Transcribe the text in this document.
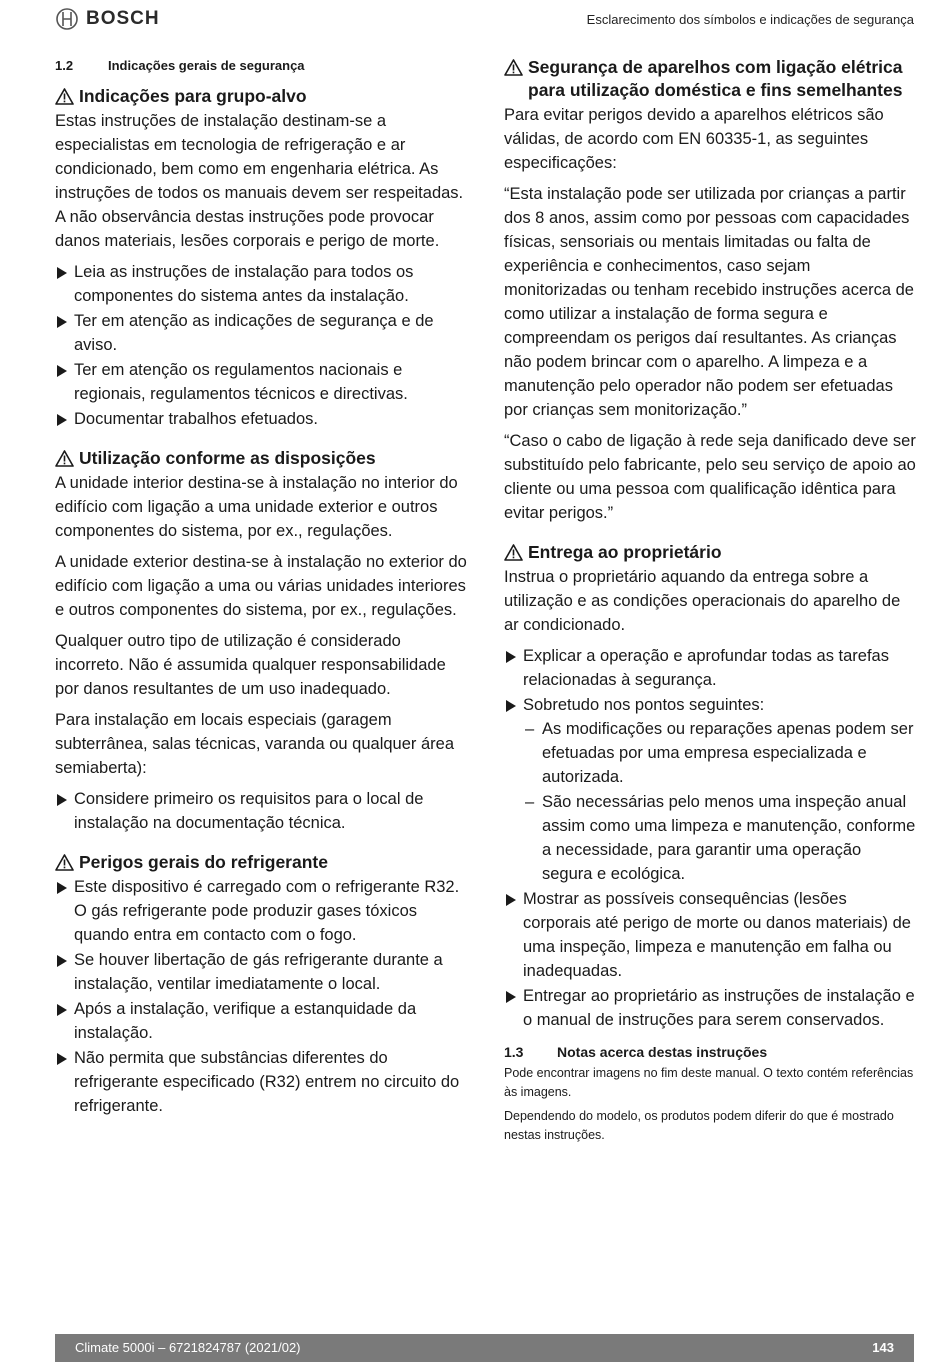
BOSCH	Esclarecimento dos símbolos e indicações de segurança
1.2	Indicações gerais de segurança
Indicações para grupo-alvo

Estas instruções de instalação destinam-se a especialistas em tecnologia de refrigeração e ar condicionado, bem como em engenharia elétrica. As instruções de todos os manuais devem ser respeitadas. A não observância destas instruções pode provocar danos materiais, lesões corporais e perigo de morte.

Leia as instruções de instalação para todos os componentes do sistema antes da instalação.
Ter em atenção as indicações de segurança e de aviso.
Ter em atenção os regulamentos nacionais e regionais, regulamentos técnicos e directivas.
Documentar trabalhos efetuados.
Utilização conforme as disposições

A unidade interior destina-se à instalação no interior do edifício com ligação a uma unidade exterior e outros componentes do sistema, por ex., regulações.

A unidade exterior destina-se à instalação no exterior do edifício com ligação a uma ou várias unidades interiores e outros componentes do sistema, por ex., regulações.

Qualquer outro tipo de utilização é considerado incorreto. Não é assumida qualquer responsabilidade por danos resultantes de um uso inadequado.

Para instalação em locais especiais (garagem subterrânea, salas técnicas, varanda ou qualquer área semiaberta):

Considere primeiro os requisitos para o local de instalação na documentação técnica.
Perigos gerais do refrigerante
Este dispositivo é carregado com o refrigerante R32. O gás refrigerante pode produzir gases tóxicos quando entra em contacto com o fogo.
Se houver libertação de gás refrigerante durante a instalação, ventilar imediatamente o local.
Após a instalação, verifique a estanquidade da instalação.
Não permita que substâncias diferentes do refrigerante especificado (R32) entrem no circuito do refrigerante.
Segurança de aparelhos com ligação elétrica
para utilização doméstica e fins semelhantes

Para evitar perigos devido a aparelhos elétricos são válidas, de acordo com EN 60335-1, as seguintes especificações:

“Esta instalação pode ser utilizada por crianças a partir dos 8 anos, assim como por pessoas com capacidades físicas, sensoriais ou mentais limitadas ou falta de experiência e conhecimentos, caso sejam monitorizadas ou tenham recebido instruções acerca de como utilizar a instalação de forma segura e compreendam os perigos daí resultantes. As crianças não podem brincar com o aparelho. A limpeza e a manutenção pelo operador não podem ser efetuadas por crianças sem monitorização.”

“Caso o cabo de ligação à rede seja danificado deve ser substituído pelo fabricante, pelo seu serviço de apoio ao cliente ou uma pessoa com qualificação idêntica para evitar perigos.”

Entrega ao proprietário

Instrua o proprietário aquando da entrega sobre a utilização e as condições operacionais do aparelho de ar condicionado.

Explicar a operação e aprofundar todas as tarefas relacionadas à segurança.
Sobretudo nos pontos seguintes:
– As modificações ou reparações apenas podem ser efetuadas por uma empresa especializada e autorizada.
– São necessárias pelo menos uma inspeção anual assim como uma limpeza e manutenção, conforme a necessidade, para garantir uma operação segura e ecológica.
Mostrar as possíveis consequências (lesões corporais até perigo de morte ou danos materiais) de uma inspeção, limpeza e manutenção em falha ou inadequadas.
Entregar ao proprietário as instruções de instalação e o manual de instruções para serem conservados.
1.3	Notas acerca destas instruções

Pode encontrar imagens no fim deste manual. O texto contém referências às imagens.

Dependendo do modelo, os produtos podem diferir do que é mostrado nestas instruções.

Climate 5000i – 6721824787 (2021/02)	143
